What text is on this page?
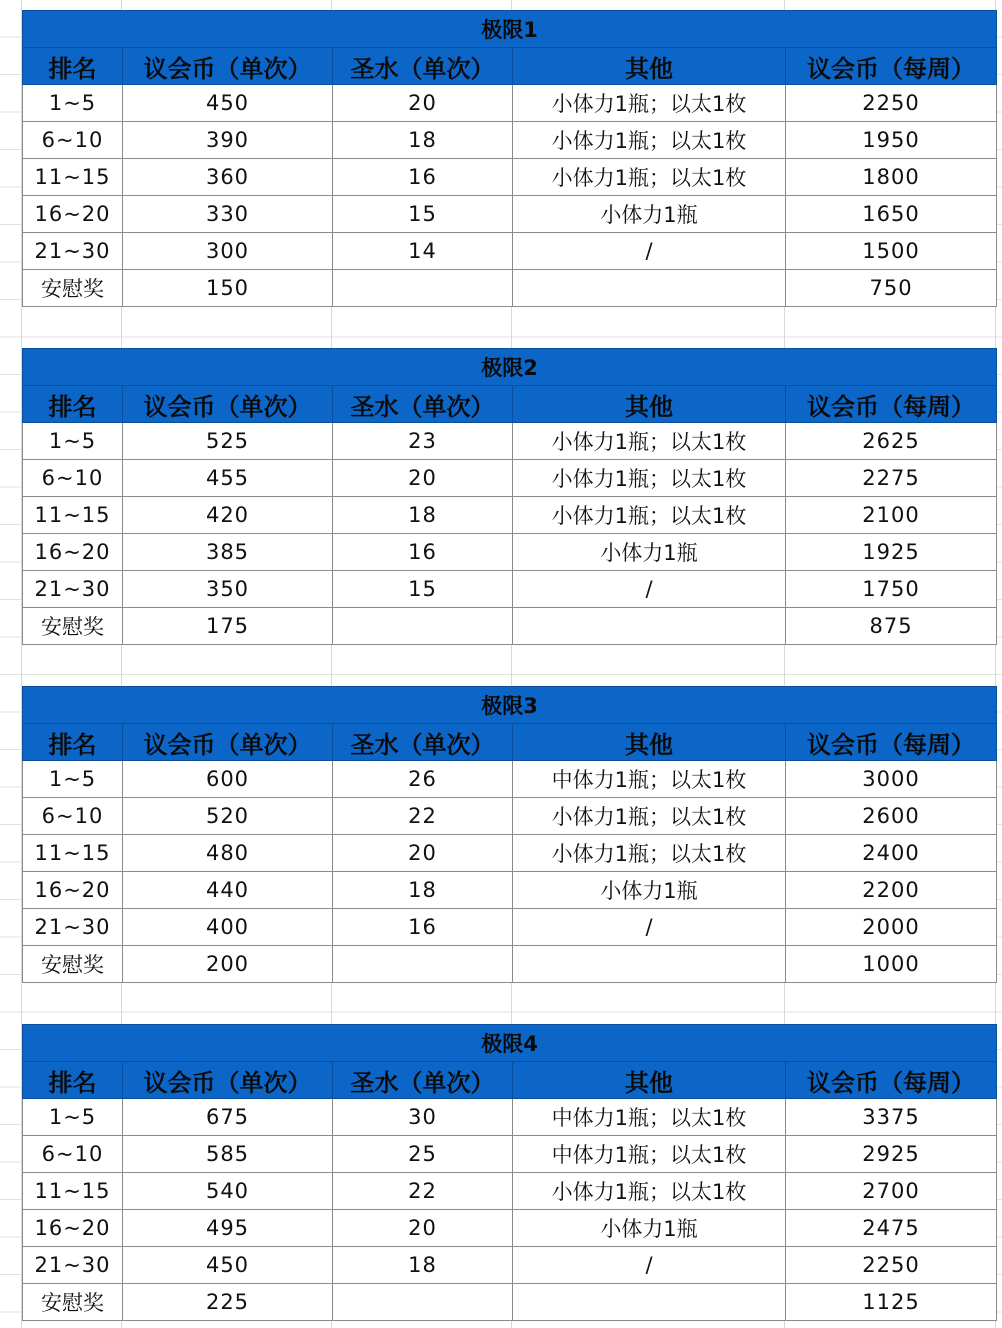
极限1				
排名	议会币（单次）	圣水（单次）	其他	议会币（每周）
1~5	450	20	小体力1瓶；以太1枚	2250
6~10	390	18	小体力1瓶；以太1枚	1950
11~15	360	16	小体力1瓶；以太1枚	1800
16~20	330	15	小体力1瓶	1650
21~30	300	14	/	1500
安慰奖	150			750
极限2				
排名	议会币（单次）	圣水（单次）	其他	议会币（每周）
1~5	525	23	小体力1瓶；以太1枚	2625
6~10	455	20	小体力1瓶；以太1枚	2275
11~15	420	18	小体力1瓶；以太1枚	2100
16~20	385	16	小体力1瓶	1925
21~30	350	15	/	1750
安慰奖	175			875
极限3				
排名	议会币（单次）	圣水（单次）	其他	议会币（每周）
1~5	600	26	中体力1瓶；以太1枚	3000
6~10	520	22	小体力1瓶；以太1枚	2600
11~15	480	20	小体力1瓶；以太1枚	2400
16~20	440	18	小体力1瓶	2200
21~30	400	16	/	2000
安慰奖	200			1000
极限4				
排名	议会币（单次）	圣水（单次）	其他	议会币（每周）
1~5	675	30	中体力1瓶；以太1枚	3375
6~10	585	25	中体力1瓶；以太1枚	2925
11~15	540	22	小体力1瓶；以太1枚	2700
16~20	495	20	小体力1瓶	2475
21~30	450	18	/	2250
安慰奖	225			1125
